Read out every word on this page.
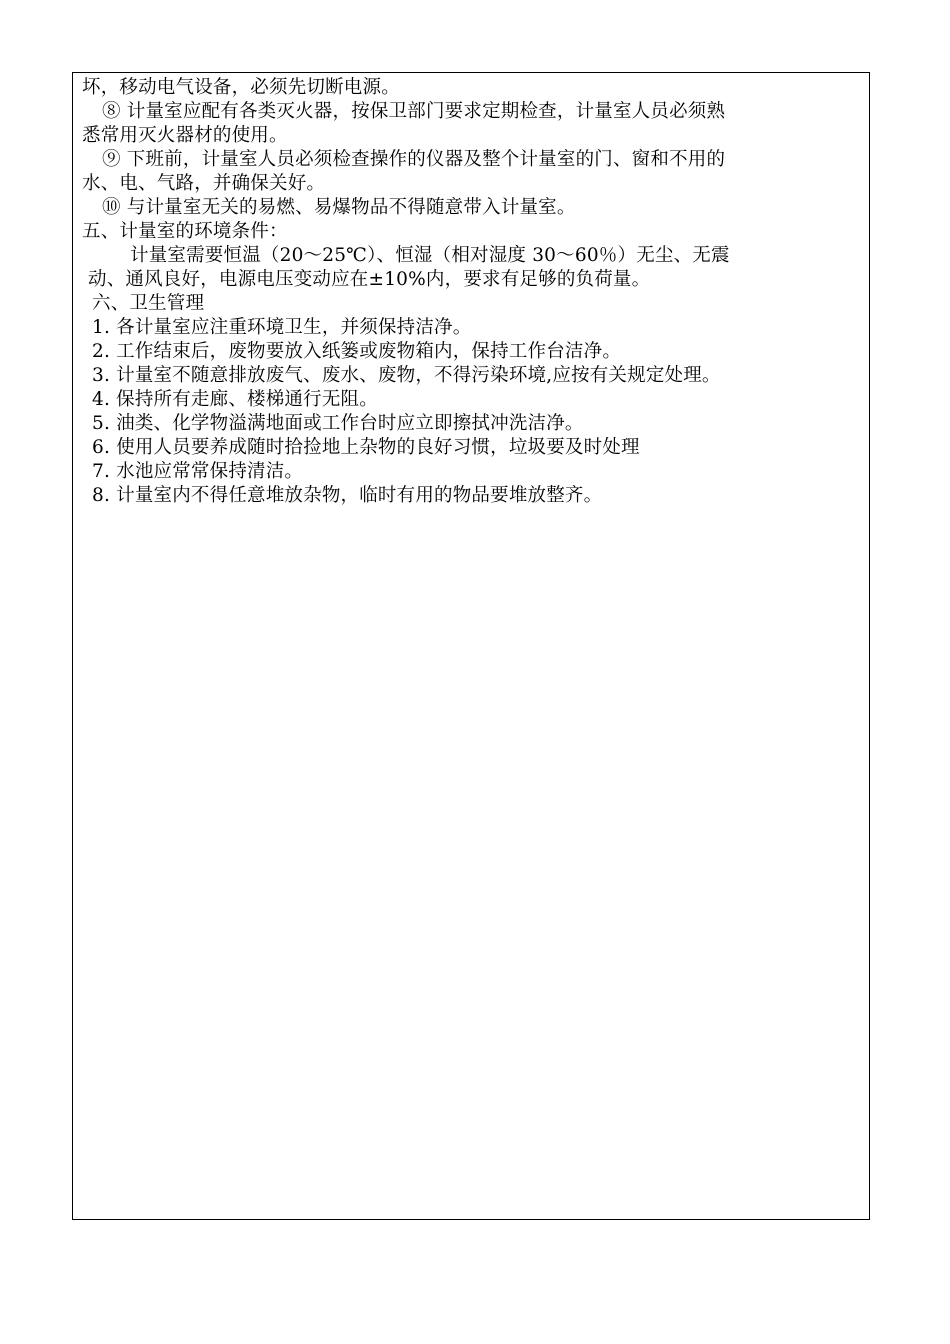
坏，移动电气设备，必须先切断电源。

⑧ 计量室应配有各类灭火器，按保卫部门要求定期检查，计量室人员必须熟

悉常用灭火器材的使用。

⑨ 下班前，计量室人员必须检查操作的仪器及整个计量室的门、窗和不用的

水、电、气路，并确保关好。

⑩ 与计量室无关的易燃、易爆物品不得随意带入计量室。

五、计量室的环境条件：

计量室需要恒温（20～25℃）、恒湿（相对湿度 30～60％）无尘、无震

动、通风良好，电源电压变动应在±10%内，要求有足够的负荷量。

六、卫生管理

1. 各计量室应注重环境卫生，并须保持洁净。

2. 工作结束后，废物要放入纸篓或废物箱内，保持工作台洁净。

3. 计量室不随意排放废气、废水、废物，不得污染环境,应按有关规定处理。

4. 保持所有走廊、楼梯通行无阻。

5. 油类、化学物溢满地面或工作台时应立即擦拭冲洗洁净。

6. 使用人员要养成随时拾捡地上杂物的良好习惯，垃圾要及时处理

7. 水池应常常保持清洁。

8. 计量室内不得任意堆放杂物，临时有用的物品要堆放整齐。
